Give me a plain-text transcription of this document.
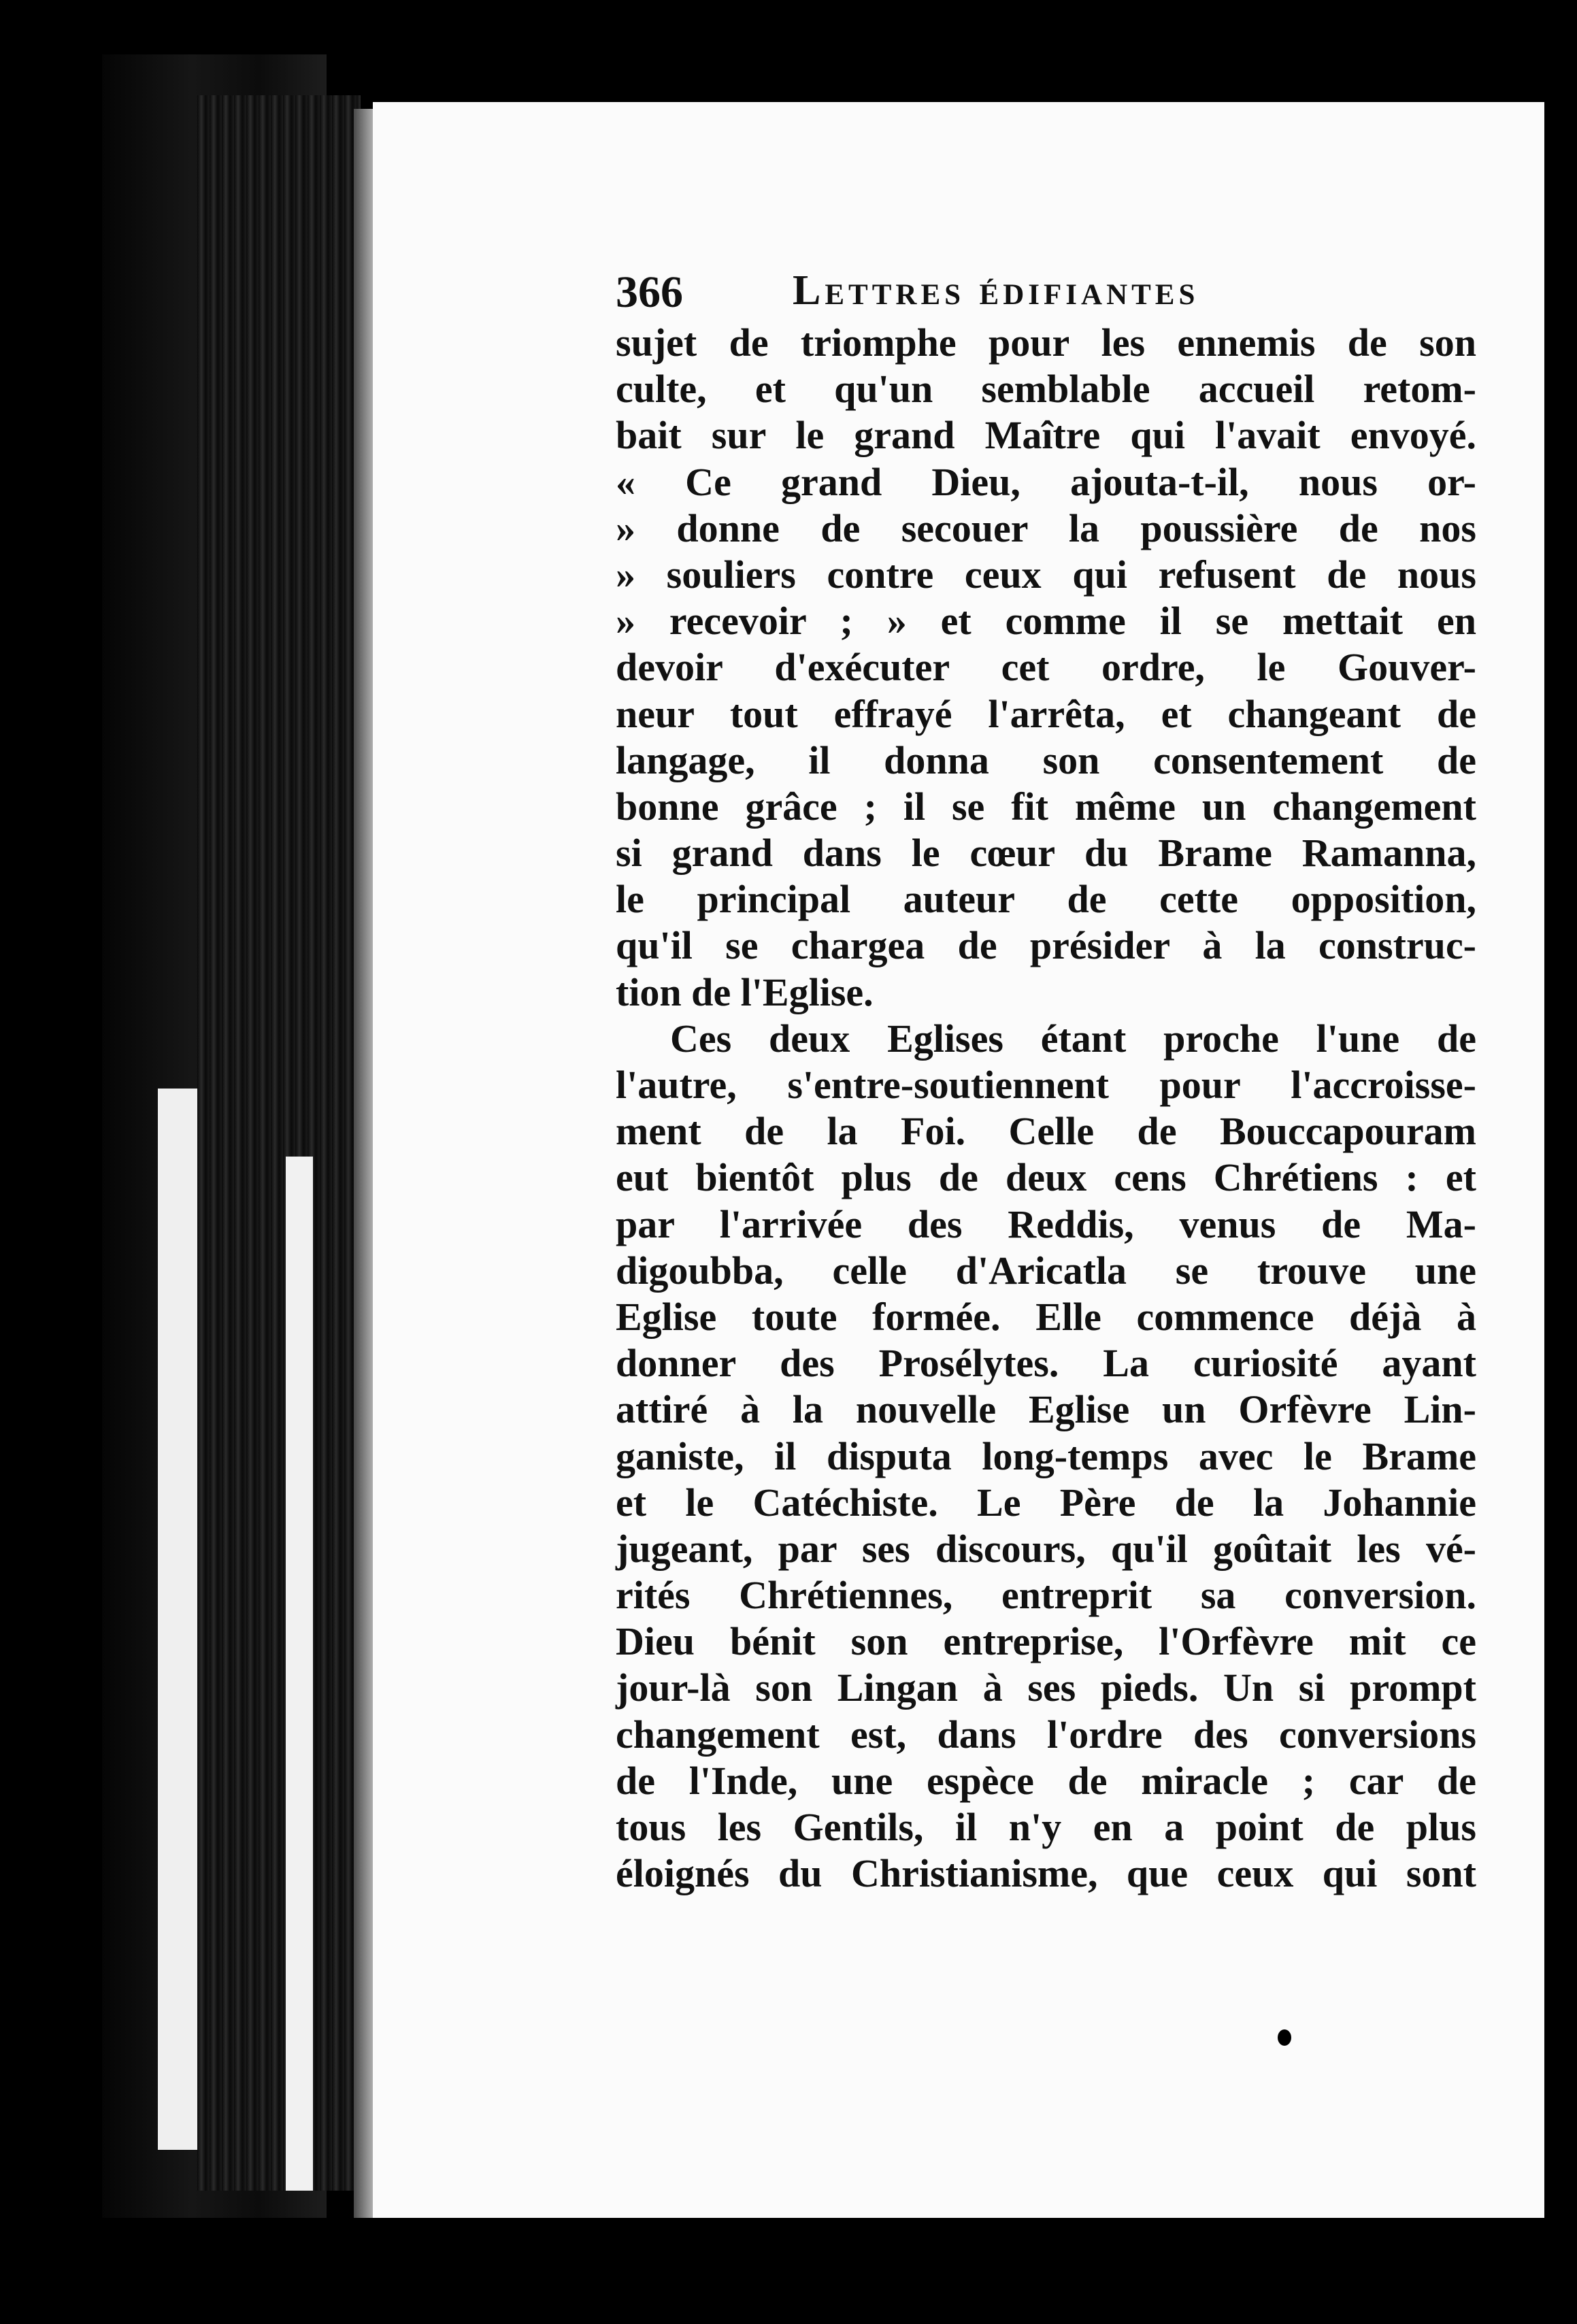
366	Lettres édifiantes
sujet de triomphe pour les ennemis de son
culte, et qu'un semblable accueil retom-
bait sur le grand Maître qui l'avait envoyé.
« Ce grand Dieu, ajouta-t-il, nous or-
» donne de secouer la poussière de nos
» souliers contre ceux qui refusent de nous
» recevoir ; » et comme il se mettait en
devoir d'exécuter cet ordre, le Gouver-
neur tout effrayé l'arrêta, et changeant de
langage, il donna son consentement de
bonne grâce ; il se fit même un changement
si grand dans le cœur du Brame Ramanna,
le principal auteur de cette opposition,
qu'il se chargea de présider à la construc-
tion de l'Eglise.
Ces deux Eglises étant proche l'une de
l'autre, s'entre-soutiennent pour l'accroisse-
ment de la Foi. Celle de Bouccapouram
eut bientôt plus de deux cens Chrétiens : et
par l'arrivée des Reddis, venus de Ma-
digoubba, celle d'Aricatla se trouve une
Eglise toute formée. Elle commence déjà à
donner des Prosélytes. La curiosité ayant
attiré à la nouvelle Eglise un Orfèvre Lin-
ganiste, il disputa long-temps avec le Brame
et le Catéchiste. Le Père de la Johannie
jugeant, par ses discours, qu'il goûtait les vé-
rités Chrétiennes, entreprit sa conversion.
Dieu bénit son entreprise, l'Orfèvre mit ce
jour-là son Lingan à ses pieds. Un si prompt
changement est, dans l'ordre des conversions
de l'Inde, une espèce de miracle ; car de
tous les Gentils, il n'y en a point de plus
éloignés du Christianisme, que ceux qui sont
